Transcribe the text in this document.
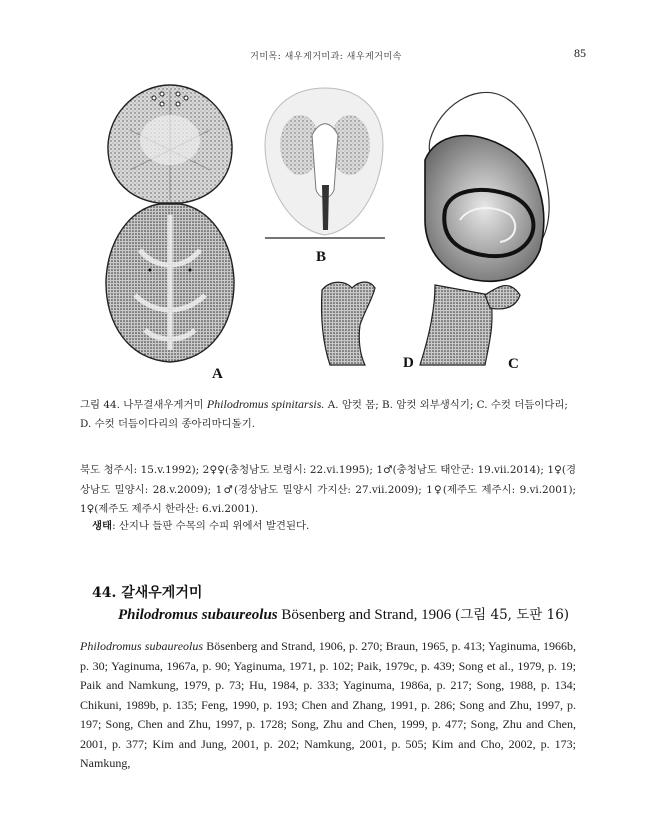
거미목: 새우게거미과: 새우게거미속	85
A
B
C
D
그림 44. 나무결새우게거미 Philodromus spinitarsis. A. 암컷 몸; B. 암컷 외부생식기; C. 수컷 더듬이다리; D. 수컷 더듬이다리의 종아리마디돌기.
북도 청주시: 15.v.1992); 2♀♀(충청남도 보령시: 22.vi.1995); 1♂(충청남도 태안군: 19.vii.2014); 1♀(경상남도 밀양시: 28.v.2009); 1♂(경상남도 밀양시 가지산: 27.vii.2009); 1♀(제주도 제주시: 9.vi.2001); 1♀(제주도 제주시 한라산: 6.vi.2001).
생태: 산지나 들판 수목의 수피 위에서 발견된다.
44. 갈새우게거미
Philodromus subaureolus Bösenberg and Strand, 1906 (그림 45, 도판 16)
Philodromus subaureolus Bösenberg and Strand, 1906, p. 270; Braun, 1965, p. 413; Yaginuma, 1966b, p. 30; Yaginuma, 1967a, p. 90; Yaginuma, 1971, p. 102; Paik, 1979c, p. 439; Song et al., 1979, p. 19; Paik and Namkung, 1979, p. 73; Hu, 1984, p. 333; Yaginuma, 1986a, p. 217; Song, 1988, p. 134; Chikuni, 1989b, p. 135; Feng, 1990, p. 193; Chen and Zhang, 1991, p. 286; Song and Zhu, 1997, p. 197; Song, Chen and Zhu, 1997, p. 1728; Song, Zhu and Chen, 1999, p. 477; Song, Zhu and Chen, 2001, p. 377; Kim and Jung, 2001, p. 202; Namkung, 2001, p. 505; Kim and Cho, 2002, p. 173; Namkung,
